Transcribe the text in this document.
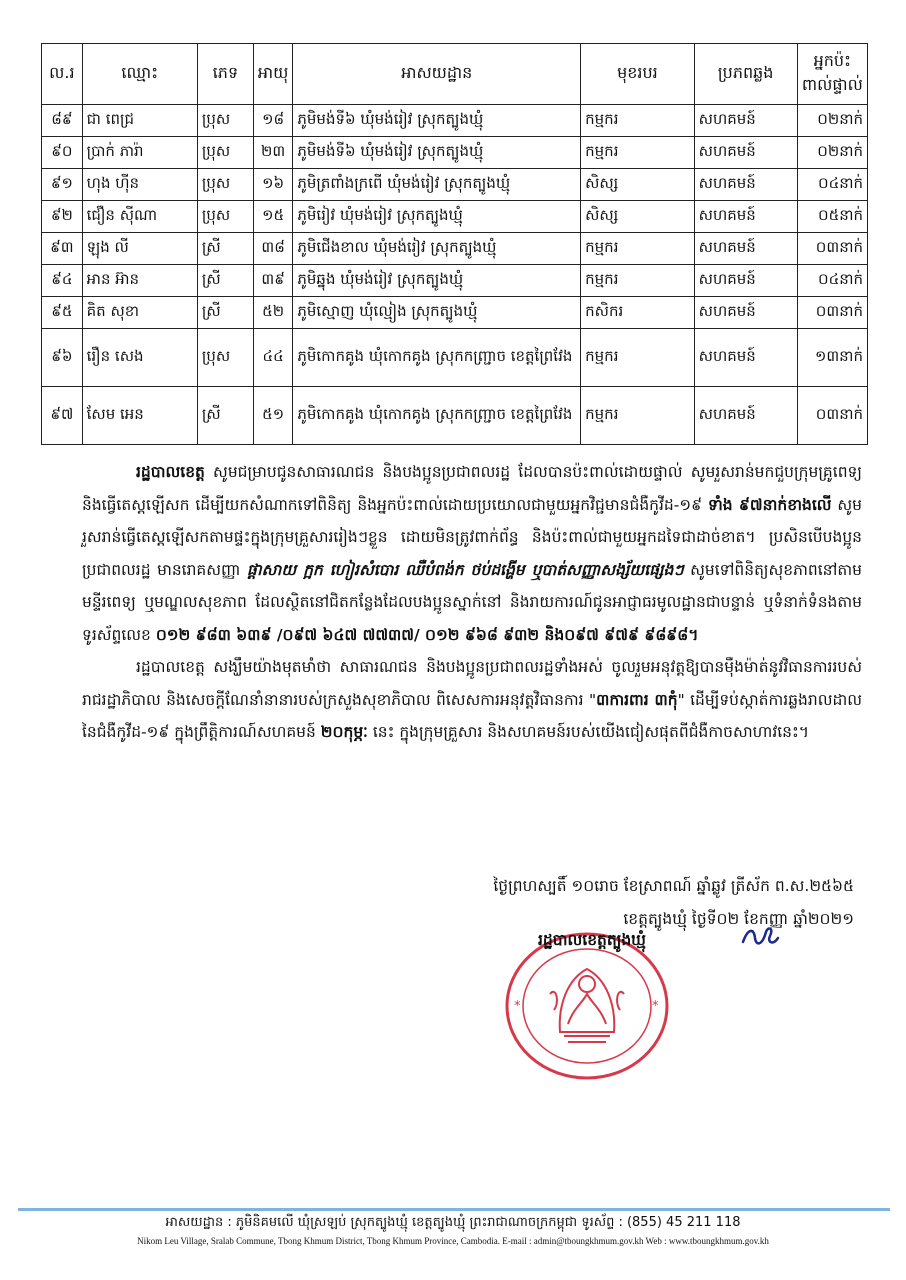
ល.រ	ឈ្មោះ	ភេទ	អាយុ	អាសយដ្ឋាន	មុខរបរ	ប្រភពឆ្លង	អ្នកប៉ះពាល់ផ្ទាល់
៨៩	ជា ពេជ្រ	ប្រុស	១៨	ភូមិមង់ទី៦ ឃុំមង់រៀវ ស្រុកត្បូងឃ្មុំ	កម្មករ	សហគមន៍	០២នាក់
៩០	ប្រាក់ ភារ៉ា	ប្រុស	២៣	ភូមិមង់ទី៦ ឃុំមង់រៀវ ស្រុកត្បូងឃ្មុំ	កម្មករ	សហគមន៍	០២នាក់
៩១	ហុង ហ៊ីន	ប្រុស	១៦	ភូមិត្រពាំងក្រពើ ឃុំមង់រៀវ ស្រុកត្បូងឃ្មុំ	សិស្ស	សហគមន៍	០៤នាក់
៩២	ជឿន ស៊ីណា	ប្រុស	១៥	ភូមិរៀវ ឃុំមង់រៀវ ស្រុកត្បូងឃ្មុំ	សិស្ស	សហគមន៍	០៥នាក់
៩៣	ឡុង លី	ស្រី	៣៨	ភូមិជើងខាល ឃុំមង់រៀវ ស្រុកត្បូងឃ្មុំ	កម្មករ	សហគមន៍	០៣នាក់
៩៤	អាន អ៊ាន	ស្រី	៣៩	ភូមិឆ្នុង ឃុំមង់រៀវ ស្រុកត្បូងឃ្មុំ	កម្មករ	សហគមន៍	០៤នាក់
៩៥	គិត សុខា	ស្រី	៥២	ភូមិស្មោញ ឃុំល្មៀង ស្រុកត្បូងឃ្មុំ	កសិករ	សហគមន៍	០៣នាក់
៩៦	រឿន សេង	ប្រុស	៤៤	ភូមិកោកគូង ឃុំកោកគូង ស្រុកកញ្ជ្រាច ខេត្តព្រៃវែង	កម្មករ	សហគមន៍	១៣នាក់
៩៧	សែម អេន	ស្រី	៥១	ភូមិកោកគូង ឃុំកោកគូង ស្រុកកញ្ជ្រាច ខេត្តព្រៃវែង	កម្មករ	សហគមន៍	០៣នាក់

រដ្ឋបាលខេត្ត សូមជម្រាបជូនសាធារណជន និងបងប្អូនប្រជាពលរដ្ឋ ដែលបានប៉ះពាល់ដោយផ្ទាល់ សូមរួសរាន់មកជួបក្រុមគ្រូពេទ្យ និងធ្វើតេស្តឡើសក ដើម្បីយកសំណាកទៅពិនិត្យ និងអ្នកប៉ះពាល់ដោយប្រយោលជាមួយអ្នកវិជ្ជមានជំងឺកូវីដ-១៩ ទាំង ៩៧នាក់ខាងលើ សូមរួសរាន់ធ្វើតេស្តឡើសកតាមផ្ទះក្នុងក្រុមគ្រួសាររៀងៗខ្លួន ដោយមិនត្រូវពាក់ព័ន្ធ និងប៉ះពាល់ជាមួយអ្នកដទៃជាដាច់ខាត។ ប្រសិនបើបងប្អូនប្រជាពលរដ្ឋ មានរោគសញ្ញា ផ្តាសាយ ក្អក ហៀរសំបោរ ឈឺបំពង់ក ថប់ដង្ហើម ឬបាត់សញ្ញាសង្ស័យផ្សេងៗ សូមទៅពិនិត្យសុខភាពនៅតាមមន្ទីរពេទ្យ ឬមណ្ឌលសុខភាព ដែលស្ថិតនៅជិតកន្លែងដែលបងប្អូនស្នាក់នៅ និងរាយការណ៍ជូនអាជ្ញាធរមូលដ្ឋានជាបន្ទាន់ ឬទំនាក់ទំនងតាមទូរស័ព្ទលេខ ០១២ ៩៨៣ ៦៣៩ /០៩៧ ៦៤៧ ៧៧៣៧/ ០១២ ៩៦៨ ៩៣២ និង០៩៧ ៩៧៩ ៩៨៩៨។

រដ្ឋបាលខេត្ត សង្ឃឹមយ៉ាងមុតមាំថា សាធារណជន និងបងប្អូនប្រជាពលរដ្ឋទាំងអស់ ចូលរួមអនុវត្តឱ្យបានម៉ឺងម៉ាត់នូវវិធានការរបស់រាជរដ្ឋាភិបាល និងសេចក្ដីណែនាំនានារបស់ក្រសួងសុខាភិបាល ពិសេសការអនុវត្តវិធានការ "៣ការពារ ៣កុំ" ដើម្បីទប់ស្កាត់ការឆ្លងរាលដាលនៃជំងឺកូវីដ-១៩ ក្នុងព្រឹត្តិការណ៍សហគមន៍ ២០កុម្ភៈ នេះ ក្នុងក្រុមគ្រួសារ និងសហគមន៍របស់យើងជៀសផុតពីជំងឺកាចសាហាវនេះ។

ថ្ងៃព្រហស្បតិ៍ ១០រោច ខែស្រាពណ៍ ឆ្នាំឆ្លូវ ត្រីស័ក ព.ស.២៥៦៥
ខេត្តត្បូងឃ្មុំ ថ្ងៃទី០២ ខែកញ្ញា ឆ្នាំ២០២១
*	*
រដ្ឋបាលខេត្តត្បូងឃ្មុំ
អាសយដ្ឋាន : ភូមិនិគមលើ ឃុំស្រឡប់ ស្រុកត្បូងឃ្មុំ ខេត្តត្បូងឃ្មុំ ព្រះរាជាណាចក្រកម្ពុជា ទូរស័ព្ទ : (855) 45 211 118
Nikom Leu Village, Sralab Commune, Tbong Khmum District, Tbong Khmum Province, Cambodia. E-mail : admin@tboungkhmum.gov.kh Web : www.tboungkhmum.gov.kh
